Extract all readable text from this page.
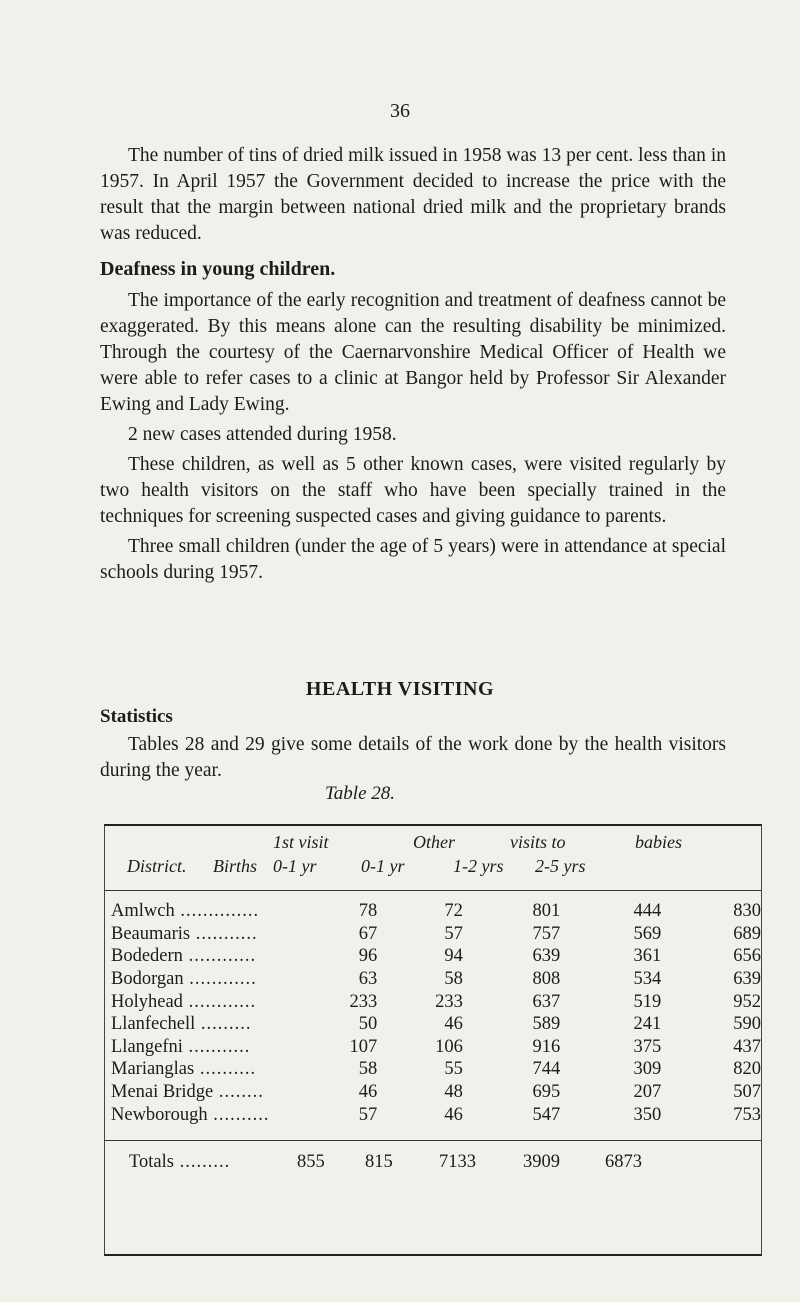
36

The number of tins of dried milk issued in 1958 was 13 per cent. less than in 1957. In April 1957 the Government decided to increase the price with the result that the margin between national dried milk and the proprietary brands was reduced.

Deafness in young children.

The importance of the early recognition and treatment of deafness cannot be exaggerated. By this means alone can the resulting disability be minimized. Through the courtesy of the Caernarvonshire Medical Officer of Health we were able to refer cases to a clinic at Bangor held by Professor Sir Alexander Ewing and Lady Ewing.

2 new cases attended during 1958.

These children, as well as 5 other known cases, were visited regularly by two health visitors on the staff who have been specially trained in the techniques for screening suspected cases and giving guidance to parents.

Three small children (under the age of 5 years) were in attendance at special schools during 1957.

HEALTH VISITING
Statistics

Tables 28 and 29 give some details of the work done by the health visitors during the year.

Table 28.
1st visit	Other	visits to	babies
District. Births 0-1 yr 0-1 yr	1-2 yrs 2-5 yrs
Amlwch ..............	78	72	801	444	830
Beaumaris ...........	67	57	757	569	689
Bodedern ............	96	94	639	361	656
Bodorgan ............	63	58	808	534	639
Holyhead ............	233	233	637	519	952
Llanfechell .........	50	46	589	241	590
Llangefni ...........	107	106	916	375	437
Marianglas ..........	58	55	744	309	820
Menai Bridge ........	46	48	695	207	507
Newborough ..........	57	46	547	350	753
Totals .........	855 815	7133	3909 6873
